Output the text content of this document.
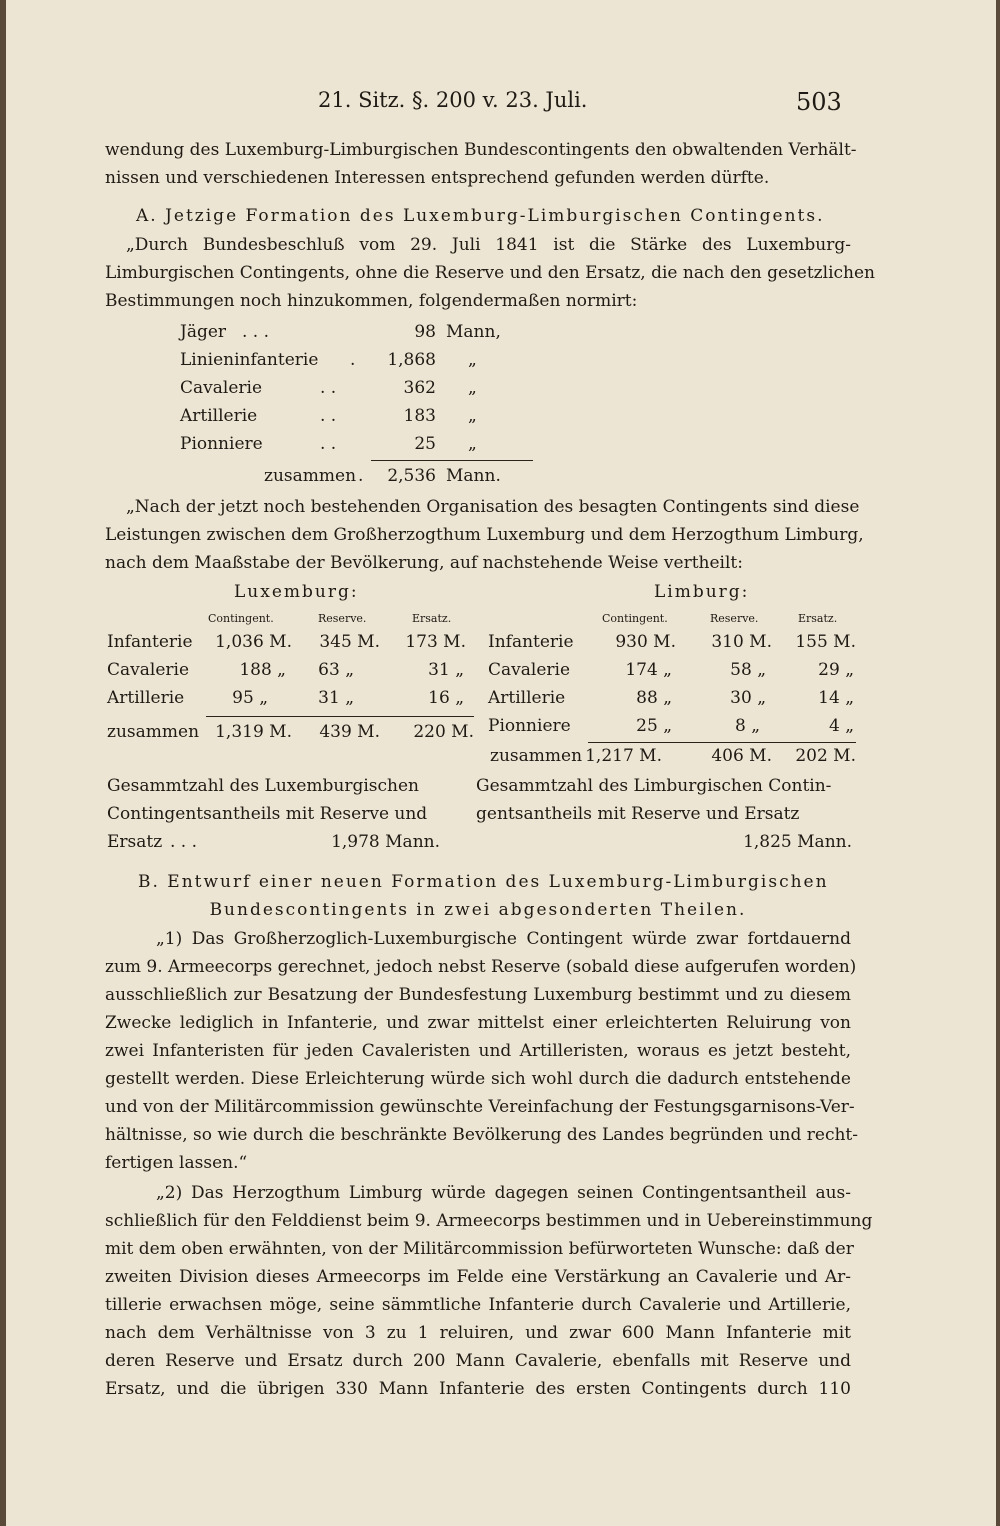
21. Sitz. §. 200 v. 23. Juli.	503
wendung des Luxemburg-Limburgischen Bundescontingents den obwaltenden Verhält-
nissen und verschiedenen Interessen entsprechend gefunden werden dürfte.
A. Jetzige Formation des Luxemburg-Limburgischen Contingents.
„Durch Bundesbeschluß vom 29. Juli 1841 ist die Stärke des Luxemburg-
Limburgischen Contingents, ohne die Reserve und den Ersatz, die nach den gesetzlichen
Bestimmungen noch hinzukommen, folgendermaßen normirt:
Jäger . . .	98 Mann,
Linieninfanterie .	1,868 „
Cavalerie	. .	362 „
Artillerie	. .	183 „
Pionniere	. .	25 „
zusammen .	2,536 Mann.
„Nach der jetzt noch bestehenden Organisation des besagten Contingents sind diese
Leistungen zwischen dem Großherzogthum Luxemburg und dem Herzogthum Limburg,
nach dem Maaßstabe der Bevölkerung, auf nachstehende Weise vertheilt:
Luxemburg:	Limburg:
Contingent.	Reserve.	Ersatz.	Contingent.	Reserve.	Ersatz.
Infanterie	1,036 M.	345 M.	173 M.
Cavalerie	188 „	63 „	31 „
Artillerie	95 „	31 „	16 „
zusammen 1,319 M.	439 M.	220 M.
Infanterie	930 M.	310 M.	155 M.
Cavalerie	174 „	58 „	29 „
Artillerie	88 „	30 „	14 „
Pionniere	25 „	8 „	4 „
zusammen 1,217 M.	406 M.	202 M.
Gesammtzahl des Luxemburgischen
Contingentsantheils mit Reserve und
Ersatz . . .	1,978 Mann.
Gesammtzahl des Limburgischen Contin-
gentsantheils mit Reserve und Ersatz
1,825 Mann.
B. Entwurf einer neuen Formation des Luxemburg-Limburgischen
Bundescontingents in zwei abgesonderten Theilen.
„1) Das Großherzoglich-Luxemburgische Contingent würde zwar fortdauernd
zum 9. Armeecorps gerechnet, jedoch nebst Reserve (sobald diese aufgerufen worden)
ausschließlich zur Besatzung der Bundesfestung Luxemburg bestimmt und zu diesem
Zwecke lediglich in Infanterie, und zwar mittelst einer erleichterten Reluirung von
zwei Infanteristen für jeden Cavaleristen und Artilleristen, woraus es jetzt besteht,
gestellt werden. Diese Erleichterung würde sich wohl durch die dadurch entstehende
und von der Militärcommission gewünschte Vereinfachung der Festungsgarnisons-Ver-
hältnisse, so wie durch die beschränkte Bevölkerung des Landes begründen und recht-
fertigen lassen.“
„2) Das Herzogthum Limburg würde dagegen seinen Contingentsantheil aus-
schließlich für den Felddienst beim 9. Armeecorps bestimmen und in Uebereinstimmung
mit dem oben erwähnten, von der Militärcommission befürworteten Wunsche: daß der
zweiten Division dieses Armeecorps im Felde eine Verstärkung an Cavalerie und Ar-
tillerie erwachsen möge, seine sämmtliche Infanterie durch Cavalerie und Artillerie,
nach dem Verhältnisse von 3 zu 1 reluiren, und zwar 600 Mann Infanterie mit
deren Reserve und Ersatz durch 200 Mann Cavalerie, ebenfalls mit Reserve und
Ersatz, und die übrigen 330 Mann Infanterie des ersten Contingents durch 110
